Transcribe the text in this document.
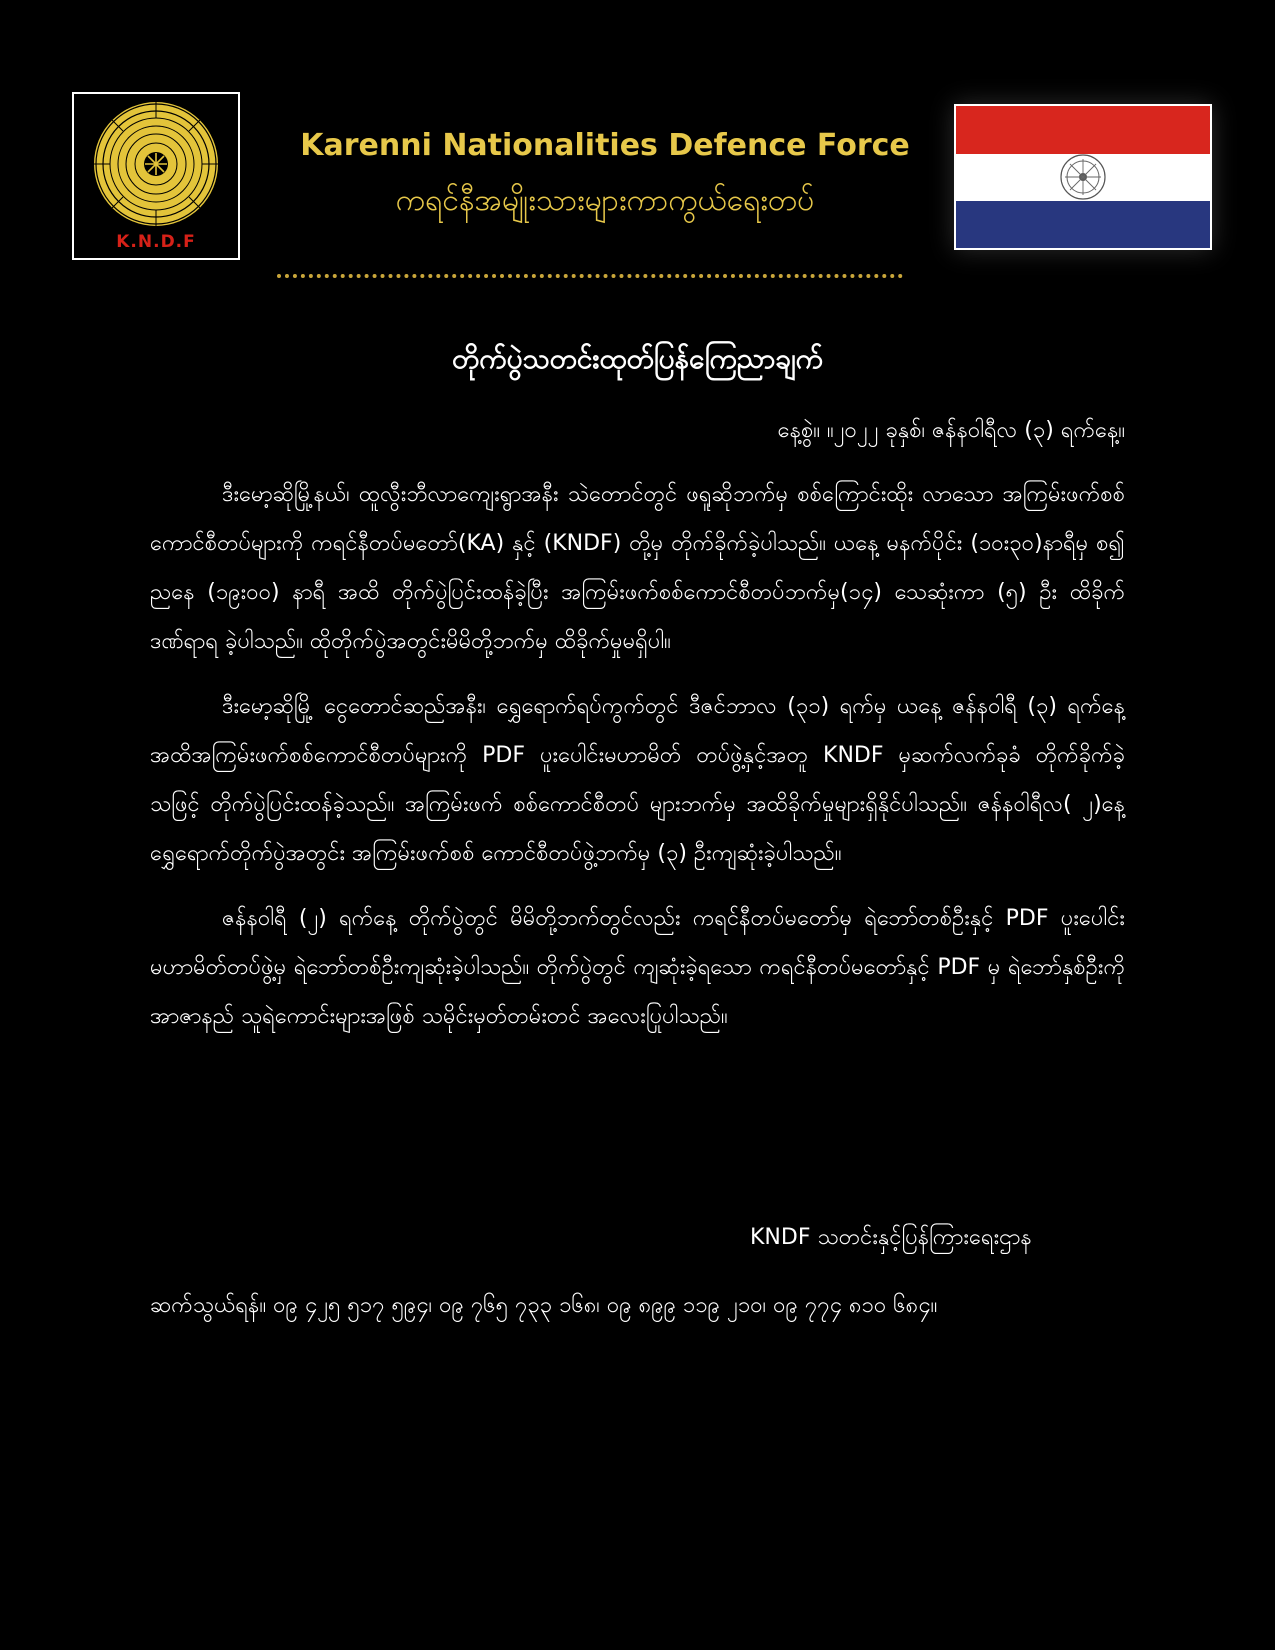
K.N.D.F
Karenni Nationalities Defence Force
ကရင်နီအမျိုးသားများကာကွယ်ရေးတပ်
တိုက်ပွဲသတင်းထုတ်ပြန်ကြေညာချက်
နေ့စွဲ။ ။၂၀၂၂ ခုနှစ်၊ ဇန်နဝါရီလ (၃) ရက်နေ့။

ဒီးမော့ဆိုမြို့နယ်၊ ထူလွီးဘီလာကျေးရွာအနီး သဲတောင်တွင် ဖရူဆိုဘက်မှ စစ်ကြောင်းထိုး လာသော အကြမ်းဖက်စစ်ကောင်စီတပ်များကို ကရင်နီတပ်မတော်(KA) နှင့် (KNDF) တို့မှ တိုက်ခိုက်ခဲ့ပါသည်။ ယနေ့ မနက်ပိုင်း (၁၀း၃၀)နာရီမှ စ၍ ညနေ (၁၉း၀၀) နာရီ အထိ တိုက်ပွဲပြင်းထန်ခဲ့ပြီး အကြမ်းဖက်စစ်ကောင်စီတပ်ဘက်မှ(၁၄) သေဆုံးကာ (၅) ဦး ထိခိုက်ဒဏ်ရာရ ခဲ့ပါသည်။ ထိုတိုက်ပွဲအတွင်းမိမိတို့ဘက်မှ ထိခိုက်မှုမရှိပါ။

ဒီးမော့ဆိုမြို့ ငွေတောင်ဆည်အနီး၊ ရွှေရောက်ရပ်ကွက်တွင် ဒီဇင်ဘာလ (၃၁) ရက်မှ ယနေ့ ဇန်နဝါရီ (၃) ရက်နေ့ အထိအကြမ်းဖက်စစ်ကောင်စီတပ်များကို PDF ပူးပေါင်းမဟာမိတ် တပ်ဖွဲ့နှင့်အတူ KNDF မှဆက်လက်ခုခံ တိုက်ခိုက်ခဲ့သဖြင့် တိုက်ပွဲပြင်းထန်ခဲ့သည်။ အကြမ်းဖက် စစ်ကောင်စီတပ် များဘက်မှ အထိခိုက်မှုများရှိနိုင်ပါသည်။ ဇန်နဝါရီလ( ၂)နေ့ ရွှေရောက်တိုက်ပွဲအတွင်း အကြမ်းဖက်စစ် ကောင်စီတပ်ဖွဲ့ဘက်မှ (၃) ဦးကျဆုံးခဲ့ပါသည်။

ဇန်နဝါရီ (၂) ရက်နေ့ တိုက်ပွဲတွင် မိမိတို့ဘက်တွင်လည်း ကရင်နီတပ်မတော်မှ ရဲဘော်တစ်ဦးနှင့် PDF ပူးပေါင်းမဟာမိတ်တပ်ဖွဲ့မှ ရဲဘော်တစ်ဦးကျဆုံးခဲ့ပါသည်။ တိုက်ပွဲတွင် ကျဆုံးခဲ့ရသော ကရင်နီတပ်မတော်နှင့် PDF မှ ရဲဘော်နှစ်ဦးကို အာဇာနည် သူရဲကောင်းများအဖြစ် သမိုင်းမှတ်တမ်းတင် အလေးပြုပါသည်။

KNDF သတင်းနှင့်ပြန်ကြားရေးဌာန
ဆက်သွယ်ရန်။ ၀၉ ၄၂၅ ၅၁၇ ၅၉၄၊ ၀၉ ၇၆၅ ၇၃၃ ၁၆၈၊ ၀၉ ၈၉၉ ၁၁၉ ၂၁၀၊ ၀၉ ၇၇၄ ၈၁၀ ၆၈၄။
